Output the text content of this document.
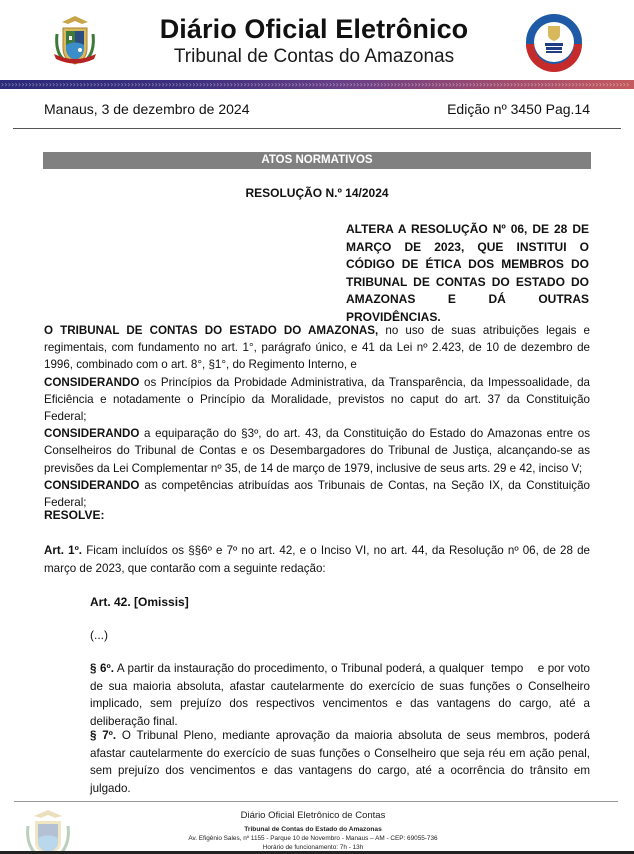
Diário Oficial Eletrônico
Tribunal de Contas do Amazonas
››››››››››››››››››››››››››››››››››››››››››››››››››››››››››››››››››››››››››››››››››››››››››››››››››››››››››››››››››››››››››››››››››››››››››››››››››››››››››››››››››››››››››››››››››››››››
Manaus, 3 de dezembro de 2024	Edição nº 3450 Pag.14
ATOS NORMATIVOS
RESOLUÇÃO N.º 14/2024
ALTERA A RESOLUÇÃO Nº 06, DE 28 DE MARÇO DE 2023, QUE INSTITUI O CÓDIGO DE ÉTICA DOS MEMBROS DO TRIBUNAL DE CONTAS DO ESTADO DO AMAZONAS E DÁ OUTRAS PROVIDÊNCIAS.
O TRIBUNAL DE CONTAS DO ESTADO DO AMAZONAS, no uso de suas atribuições legais e regimentais, com fundamento no art. 1°, parágrafo único, e 41 da Lei nº 2.423, de 10 de dezembro de 1996, combinado com o art. 8°, §1°, do Regimento Interno, e
CONSIDERANDO os Princípios da Probidade Administrativa, da Transparência, da Impessoalidade, da Eficiência e notadamente o Princípio da Moralidade, previstos no caput do art. 37 da Constituição Federal;
CONSIDERANDO a equiparação do §3º, do art. 43, da Constituição do Estado do Amazonas entre os Conselheiros do Tribunal de Contas e os Desembargadores do Tribunal de Justiça, alcançando-se as previsões da Lei Complementar nº 35, de 14 de março de 1979, inclusive de seus arts. 29 e 42, inciso V;
CONSIDERANDO as competências atribuídas aos Tribunais de Contas, na Seção IX, da Constituição Federal;
RESOLVE:
Art. 1º. Ficam incluídos os §§6º e 7º no art. 42, e o Inciso VI, no art. 44, da Resolução nº 06, de 28 de março de 2023, que contarão com a seguinte redação:
Art. 42. [Omissis]
(...)
§ 6º. A partir da instauração do procedimento, o Tribunal poderá, a qualquer  tempo    e por voto de sua maioria absoluta, afastar cautelarmente do exercício de suas funções o Conselheiro implicado, sem prejuízo dos respectivos vencimentos e das vantagens do cargo, até a deliberação final.
§ 7º. O Tribunal Pleno, mediante aprovação da maioria absoluta de seus membros, poderá afastar cautelarmente do exercício de suas funções o Conselheiro que seja réu em ação penal, sem prejuízo dos vencimentos e das vantagens do cargo, até a ocorrência do trânsito em julgado.
Diário Oficial Eletrônico de Contas
Tribunal de Contas do Estado do Amazonas
Av. Efigênio Sales, nº 1155 - Parque 10 de Novembro - Manaus – AM - CEP: 69055-736
Horário de funcionamento: 7h - 13h
